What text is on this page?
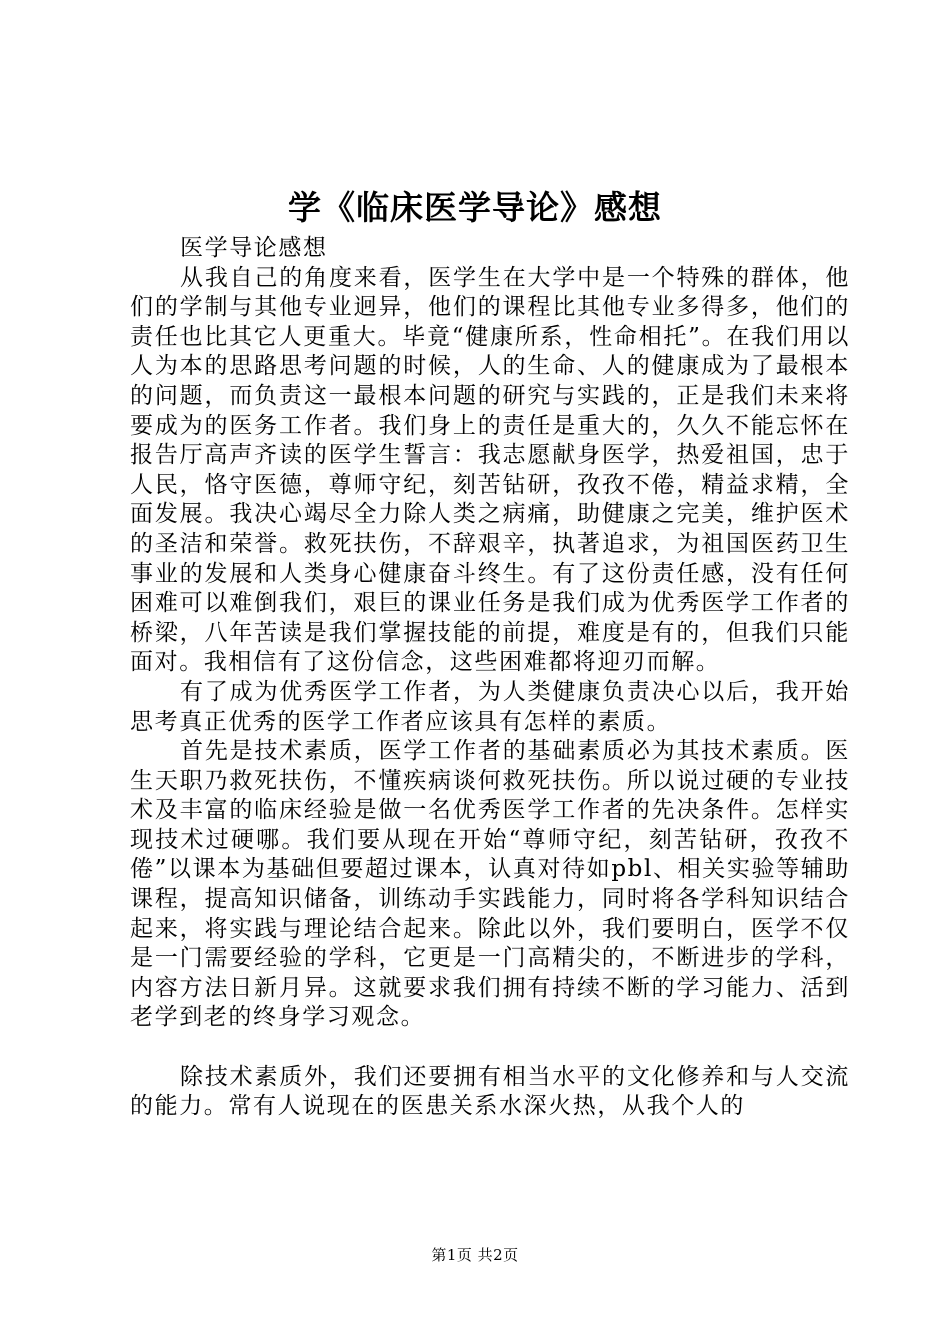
学《临床医学导论》感想

医学导论感想

从我自己的角度来看，医学生在大学中是一个特殊的群体，他们的学制与其他专业迥异，他们的课程比其他专业多得多，他们的责任也比其它人更重大。毕竟“健康所系，性命相托”。在我们用以人为本的思路思考问题的时候，人的生命、人的健康成为了最根本的问题，而负责这一最根本问题的研究与实践的，正是我们未来将要成为的医务工作者。我们身上的责任是重大的，久久不能忘怀在报告厅高声齐读的医学生誓言：我志愿献身医学，热爱祖国，忠于人民，恪守医德，尊师守纪，刻苦钻研，孜孜不倦，精益求精，全面发展。我决心竭尽全力除人类之病痛，助健康之完美，维护医术的圣洁和荣誉。救死扶伤，不辞艰辛，执著追求，为祖国医药卫生事业的发展和人类身心健康奋斗终生。有了这份责任感，没有任何困难可以难倒我们，艰巨的课业任务是我们成为优秀医学工作者的桥梁，八年苦读是我们掌握技能的前提，难度是有的，但我们只能面对。我相信有了这份信念，这些困难都将迎刃而解。

有了成为优秀医学工作者，为人类健康负责决心以后，我开始思考真正优秀的医学工作者应该具有怎样的素质。

首先是技术素质，医学工作者的基础素质必为其技术素质。医生天职乃救死扶伤，不懂疾病谈何救死扶伤。所以说过硬的专业技术及丰富的临床经验是做一名优秀医学工作者的先决条件。怎样实现技术过硬哪。我们要从现在开始“尊师守纪，刻苦钻研，孜孜不倦”以课本为基础但要超过课本，认真对待如pbl、相关实验等辅助课程，提高知识储备，训练动手实践能力，同时将各学科知识结合起来，将实践与理论结合起来。除此以外，我们要明白，医学不仅是一门需要经验的学科，它更是一门高精尖的，不断进步的学科，内容方法日新月异。这就要求我们拥有持续不断的学习能力、活到老学到老的终身学习观念。

除技术素质外，我们还要拥有相当水平的文化修养和与人交流的能力。常有人说现在的医患关系水深火热，从我个人的

第1页 共2页
